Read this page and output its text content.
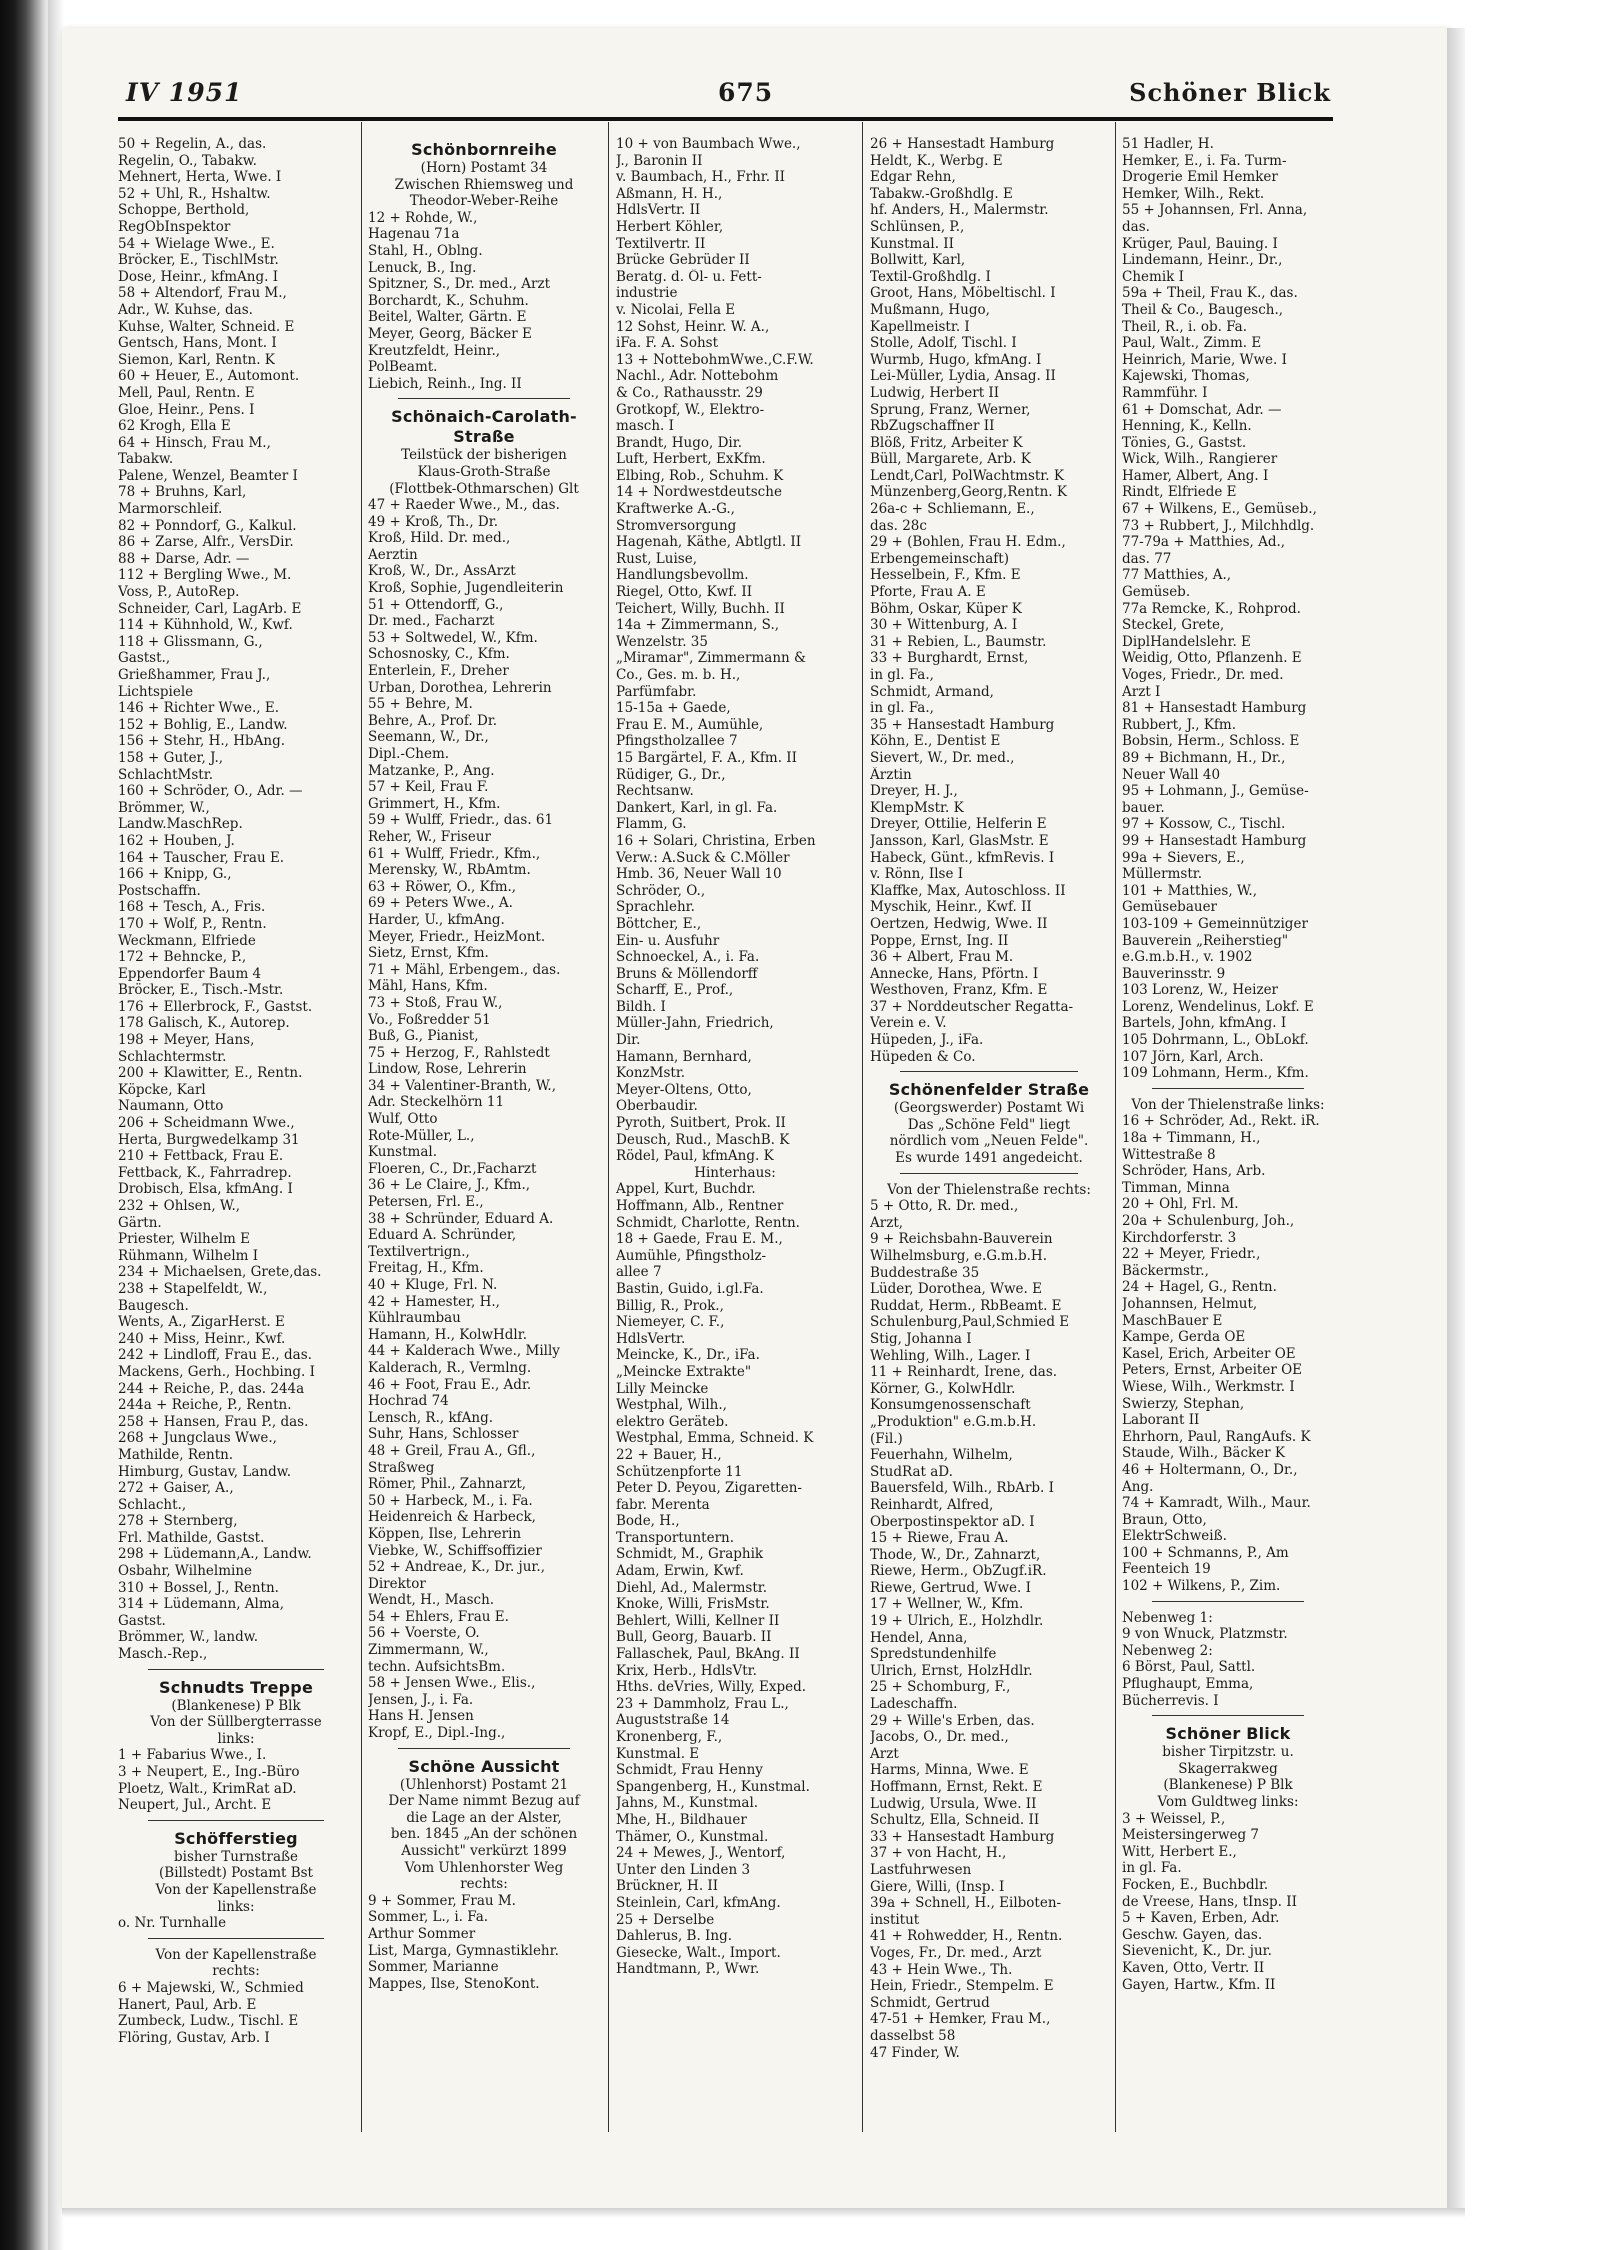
IV 1951	675	Schöner Blick
50 + Regelin, A., das.
Regelin, O., Tabakw.
Mehnert, Herta, Wwe. I
52 + Uhl, R., Hshaltw.
Schoppe, Berthold,
RegObInspektor
54 + Wielage Wwe., E.
Bröcker, E., TischlMstr.
Dose, Heinr., kfmAng. I
58 + Altendorf, Frau M.,
Adr., W. Kuhse, das.
Kuhse, Walter, Schneid. E
Gentsch, Hans, Mont. I
Siemon, Karl, Rentn. K
60 + Heuer, E., Automont.
Mell, Paul, Rentn. E
Gloe, Heinr., Pens. I
62 Krogh, Ella E
64 + Hinsch, Frau M.,
Tabakw.
Palene, Wenzel, Beamter I
78 + Bruhns, Karl,
Marmorschleif.
82 + Ponndorf, G., Kalkul.
86 + Zarse, Alfr., VersDir.
88 + Darse, Adr. —
112 + Bergling Wwe., M.
Voss, P., AutoRep.
Schneider, Carl, LagArb. E
114 + Kühnhold, W., Kwf.
118 + Glissmann, G.,
Gastst.,
Grießhammer, Frau J.,
Lichtspiele
146 + Richter Wwe., E.
152 + Bohlig, E., Landw.
156 + Stehr, H., HbAng.
158 + Guter, J.,
SchlachtMstr.
160 + Schröder, O., Adr. —
Brömmer, W.,
Landw.MaschRep.
162 + Houben, J.
164 + Tauscher, Frau E.
166 + Knipp, G.,
Postschaffn.
168 + Tesch, A., Fris.
170 + Wolf, P., Rentn.
Weckmann, Elfriede
172 + Behncke, P.,
Eppendorfer Baum 4
Bröcker, E., Tisch.-Mstr.
176 + Ellerbrock, F., Gastst.
178 Galisch, K., Autorep.
198 + Meyer, Hans,
Schlachtermstr.
200 + Klawitter, E., Rentn.
Köpcke, Karl
Naumann, Otto
206 + Scheidmann Wwe.,
Herta, Burgwedelkamp 31
210 + Fettback, Frau E.
Fettback, K., Fahrradrep.
Drobisch, Elsa, kfmAng. I
232 + Ohlsen, W.,
Gärtn.
Priester, Wilhelm E
Rühmann, Wilhelm I
234 + Michaelsen, Grete,das.
238 + Stapelfeldt, W.,
Baugesch.
Wents, A., ZigarHerst. E
240 + Miss, Heinr., Kwf.
242 + Lindloff, Frau E., das.
Mackens, Gerh., Hochbing. I
244 + Reiche, P., das. 244a
244a + Reiche, P., Rentn.
258 + Hansen, Frau P., das.
268 + Jungclaus Wwe.,
Mathilde, Rentn.
Himburg, Gustav, Landw.
272 + Gaiser, A.,
Schlacht.,
278 + Sternberg,
Frl. Mathilde, Gastst.
298 + Lüdemann,A., Landw.
Osbahr, Wilhelmine
310 + Bossel, J., Rentn.
314 + Lüdemann, Alma,
Gastst.
Brömmer, W., landw.
Masch.-Rep.,
Schnudts Treppe
(Blankenese) P Blk
Von der Süllbergterrasse
links:
1 + Fabarius Wwe., I.
3 + Neupert, E., Ing.-Büro
Ploetz, Walt., KrimRat aD.
Neupert, Jul., Archt. E
Schöfferstieg
bisher Turnstraße
(Billstedt) Postamt Bst
Von der Kapellenstraße
links:
o. Nr. Turnhalle
Von der Kapellenstraße
rechts:
6 + Majewski, W., Schmied
Hanert, Paul, Arb. E
Zumbeck, Ludw., Tischl. E
Flöring, Gustav, Arb. I
Schönbornreihe
(Horn) Postamt 34
Zwischen Rhiemsweg und
Theodor-Weber-Reihe
12 + Rohde, W.,
Hagenau 71a
Stahl, H., Oblng.
Lenuck, B., Ing.
Spitzner, S., Dr. med., Arzt
Borchardt, K., Schuhm.
Beitel, Walter, Gärtn. E
Meyer, Georg, Bäcker E
Kreutzfeldt, Heinr.,
PolBeamt.
Liebich, Reinh., Ing. II
Schönaich-Carolath-Straße
Teilstück der bisherigen
Klaus-Groth-Straße
(Flottbek-Othmarschen) Glt
47 + Raeder Wwe., M., das.
49 + Kroß, Th., Dr.
Kroß, Hild. Dr. med.,
Aerztin
Kroß, W., Dr., AssArzt
Kroß, Sophie, Jugendleiterin
51 + Ottendorff, G.,
Dr. med., Facharzt
53 + Soltwedel, W., Kfm.
Schosnosky, C., Kfm.
Enterlein, F., Dreher
Urban, Dorothea, Lehrerin
55 + Behre, M.
Behre, A., Prof. Dr.
Seemann, W., Dr.,
Dipl.-Chem.
Matzanke, P., Ang.
57 + Keil, Frau F.
Grimmert, H., Kfm.
59 + Wulff, Friedr., das. 61
Reher, W., Friseur
61 + Wulff, Friedr., Kfm.,
Merensky, W., RbAmtm.
63 + Röwer, O., Kfm.,
69 + Peters Wwe., A.
Harder, U., kfmAng.
Meyer, Friedr., HeizMont.
Sietz, Ernst, Kfm.
71 + Mähl, Erbengem., das.
Mähl, Hans, Kfm.
73 + Stoß, Frau W.,
Vo., Foßredder 51
Buß, G., Pianist,
75 + Herzog, F., Rahlstedt
Lindow, Rose, Lehrerin
34 + Valentiner-Branth, W.,
Adr. Steckelhörn 11
Wulf, Otto
Rote-Müller, L.,
Kunstmal.
Floeren, C., Dr.,Facharzt
36 + Le Claire, J., Kfm.,
Petersen, Frl. E.,
38 + Schründer, Eduard A.
Eduard A. Schründer,
Textilvertrign.,
Freitag, H., Kfm.
40 + Kluge, Frl. N.
42 + Hamester, H.,
Kühlraumbau
Hamann, H., KolwHdlr.
44 + Kalderach Wwe., Milly
Kalderach, R., Vermlng.
46 + Foot, Frau E., Adr.
Hochrad 74
Lensch, R., kfAng.
Suhr, Hans, Schlosser
48 + Greil, Frau A., Gfl.,
Straßweg
Römer, Phil., Zahnarzt,
50 + Harbeck, M., i. Fa.
Heidenreich & Harbeck,
Köppen, Ilse, Lehrerin
Viebke, W., Schiffsoffizier
52 + Andreae, K., Dr. jur.,
Direktor
Wendt, H., Masch.
54 + Ehlers, Frau E.
56 + Voerste, O.
Zimmermann, W.,
techn. AufsichtsBm.
58 + Jensen Wwe., Elis.,
Jensen, J., i. Fa.
Hans H. Jensen
Kropf, E., Dipl.-Ing.,
Schöne Aussicht
(Uhlenhorst) Postamt 21
Der Name nimmt Bezug auf
die Lage an der Alster,
ben. 1845 „An der schönen
Aussicht" verkürzt 1899
Vom Uhlenhorster Weg
rechts:
9 + Sommer, Frau M.
Sommer, L., i. Fa.
Arthur Sommer
List, Marga, Gymnastiklehr.
Sommer, Marianne
Mappes, Ilse, StenoKont.
10 + von Baumbach Wwe.,
J., Baronin II
v. Baumbach, H., Frhr. II
Aßmann, H. H.,
HdlsVertr. II
Herbert Köhler,
Textilvertr. II
Brücke Gebrüder II
Beratg. d. Öl- u. Fett-
industrie
v. Nicolai, Fella E
12 Sohst, Heinr. W. A.,
iFa. F. A. Sohst
13 + NottebohmWwe.,C.F.W.
Nachl., Adr. Nottebohm
& Co., Rathausstr. 29
Grotkopf, W., Elektro-
masch. I
Brandt, Hugo, Dir.
Luft, Herbert, ExKfm.
Elbing, Rob., Schuhm. K
14 + Nordwestdeutsche
Kraftwerke A.-G.,
Stromversorgung
Hagenah, Käthe, Abtlgtl. II
Rust, Luise,
Handlungsbevollm.
Riegel, Otto, Kwf. II
Teichert, Willy, Buchh. II
14a + Zimmermann, S.,
Wenzelstr. 35
„Miramar", Zimmermann &
Co., Ges. m. b. H.,
Parfümfabr.
15-15a + Gaede,
Frau E. M., Aumühle,
Pfingstholzallee 7
15 Bargärtel, F. A., Kfm. II
Rüdiger, G., Dr.,
Rechtsanw.
Dankert, Karl, in gl. Fa.
Flamm, G.
16 + Solari, Christina, Erben
Verw.: A.Suck & C.Möller
Hmb. 36, Neuer Wall 10
Schröder, O.,
Sprachlehr.
Böttcher, E.,
Ein- u. Ausfuhr
Schnoeckel, A., i. Fa.
Bruns & Möllendorff
Scharff, E., Prof.,
Bildh. I
Müller-Jahn, Friedrich,
Dir.
Hamann, Bernhard,
KonzMstr.
Meyer-Oltens, Otto,
Oberbaudir.
Pyroth, Suitbert, Prok. II
Deusch, Rud., MaschB. K
Rödel, Paul, kfmAng. K
Hinterhaus:
Appel, Kurt, Buchdr.
Hoffmann, Alb., Rentner
Schmidt, Charlotte, Rentn.
18 + Gaede, Frau E. M.,
Aumühle, Pfingstholz-
allee 7
Bastin, Guido, i.gl.Fa.
Billig, R., Prok.,
Niemeyer, C. F.,
HdlsVertr.
Meincke, K., Dr., iFa.
„Meincke Extrakte"
Lilly Meincke
Westphal, Wilh.,
elektro Geräteb.
Westphal, Emma, Schneid. K
22 + Bauer, H.,
Schützenpforte 11
Peter D. Peyou, Zigaretten-
fabr. Merenta
Bode, H.,
Transportuntern.
Schmidt, M., Graphik
Adam, Erwin, Kwf.
Diehl, Ad., Malermstr.
Knoke, Willi, FrisMstr.
Behlert, Willi, Kellner II
Bull, Georg, Bauarb. II
Fallaschek, Paul, BkAng. II
Krix, Herb., HdlsVtr.
Hths. deVries, Willy, Exped.
23 + Dammholz, Frau L.,
Auguststraße 14
Kronenberg, F.,
Kunstmal. E
Schmidt, Frau Henny
Spangenberg, H., Kunstmal.
Jahns, M., Kunstmal.
Mhe, H., Bildhauer
Thämer, O., Kunstmal.
24 + Mewes, J., Wentorf,
Unter den Linden 3
Brückner, H. II
Steinlein, Carl, kfmAng.
25 + Derselbe
Dahlerus, B. Ing.
Giesecke, Walt., Import.
Handtmann, P., Wwr.
26 + Hansestadt Hamburg
Heldt, K., Werbg. E
Edgar Rehn,
Tabakw.-Großhdlg. E
hf. Anders, H., Malermstr.
Schlünsen, P.,
Kunstmal. II
Bollwitt, Karl,
Textil-Großhdlg. I
Groot, Hans, Möbeltischl. I
Mußmann, Hugo,
Kapellmeistr. I
Stolle, Adolf, Tischl. I
Wurmb, Hugo, kfmAng. I
Lei-Müller, Lydia, Ansag. II
Ludwig, Herbert II
Sprung, Franz, Werner,
RbZugschaffner II
Blöß, Fritz, Arbeiter K
Büll, Margarete, Arb. K
Lendt,Carl, PolWachtmstr. K
Münzenberg,Georg,Rentn. K
26a-c + Schliemann, E.,
das. 28c
29 + (Bohlen, Frau H. Edm.,
Erbengemeinschaft)
Hesselbein, F., Kfm. E
Pforte, Frau A. E
Böhm, Oskar, Küper K
30 + Wittenburg, A. I
31 + Rebien, L., Baumstr.
33 + Burghardt, Ernst,
in gl. Fa.,
Schmidt, Armand,
in gl. Fa.,
35 + Hansestadt Hamburg
Köhn, E., Dentist E
Sievert, W., Dr. med.,
Ärztin
Dreyer, H. J.,
KlempMstr. K
Dreyer, Ottilie, Helferin E
Jansson, Karl, GlasMstr. E
Habeck, Günt., kfmRevis. I
v. Rönn, Ilse I
Klaffke, Max, Autoschloss. II
Myschik, Heinr., Kwf. II
Oertzen, Hedwig, Wwe. II
Poppe, Ernst, Ing. II
36 + Albert, Frau M.
Annecke, Hans, Pförtn. I
Westhoven, Franz, Kfm. E
37 + Norddeutscher Regatta-
Verein e. V.
Hüpeden, J., iFa.
Hüpeden & Co.
Schönenfelder Straße
(Georgswerder) Postamt Wi
Das „Schöne Feld" liegt
nördlich vom „Neuen Felde".
Es wurde 1491 angedeicht.
Von der Thielenstraße rechts:
5 + Otto, R. Dr. med.,
Arzt,
9 + Reichsbahn-Bauverein
Wilhelmsburg, e.G.m.b.H.
Buddestraße 35
Lüder, Dorothea, Wwe. E
Ruddat, Herm., RbBeamt. E
Schulenburg,Paul,Schmied E
Stig, Johanna I
Wehling, Wilh., Lager. I
11 + Reinhardt, Irene, das.
Körner, G., KolwHdlr.
Konsumgenossenschaft
„Produktion" e.G.m.b.H.
(Fil.)
Feuerhahn, Wilhelm,
StudRat aD.
Bauersfeld, Wilh., RbArb. I
Reinhardt, Alfred,
Oberpostinspektor aD. I
15 + Riewe, Frau A.
Thode, W., Dr., Zahnarzt,
Riewe, Herm., ObZugf.iR.
Riewe, Gertrud, Wwe. I
17 + Wellner, W., Kfm.
19 + Ulrich, E., Holzhdlr.
Hendel, Anna,
Spredstundenhilfe
Ulrich, Ernst, HolzHdlr.
25 + Schomburg, F.,
Ladeschaffn.
29 + Wille's Erben, das.
Jacobs, O., Dr. med.,
Arzt
Harms, Minna, Wwe. E
Hoffmann, Ernst, Rekt. E
Ludwig, Ursula, Wwe. II
Schultz, Ella, Schneid. II
33 + Hansestadt Hamburg
37 + von Hacht, H.,
Lastfuhrwesen
Giere, Willi, (Insp. I
39a + Schnell, H., Eilboten-
institut
41 + Rohwedder, H., Rentn.
Voges, Fr., Dr. med., Arzt
43 + Hein Wwe., Th.
Hein, Friedr., Stempelm. E
Schmidt, Gertrud
47-51 + Hemker, Frau M.,
dasselbst 58
47 Finder, W.
51 Hadler, H.
Hemker, E., i. Fa. Turm-
Drogerie Emil Hemker
Hemker, Wilh., Rekt.
55 + Johannsen, Frl. Anna,
das.
Krüger, Paul, Bauing. I
Lindemann, Heinr., Dr.,
Chemik I
59a + Theil, Frau K., das.
Theil & Co., Baugesch.,
Theil, R., i. ob. Fa.
Paul, Walt., Zimm. E
Heinrich, Marie, Wwe. I
Kajewski, Thomas,
Rammführ. I
61 + Domschat, Adr. —
Henning, K., Kelln.
Tönies, G., Gastst.
Wick, Wilh., Rangierer
Hamer, Albert, Ang. I
Rindt, Elfriede E
67 + Wilkens, E., Gemüseb.,
73 + Rubbert, J., Milchhdlg.
77-79a + Matthies, Ad.,
das. 77
77 Matthies, A.,
Gemüseb.
77a Remcke, K., Rohprod.
Steckel, Grete,
DiplHandelslehr. E
Weidig, Otto, Pflanzenh. E
Voges, Friedr., Dr. med.
Arzt I
81 + Hansestadt Hamburg
Rubbert, J., Kfm.
Bobsin, Herm., Schloss. E
89 + Bichmann, H., Dr.,
Neuer Wall 40
95 + Lohmann, J., Gemüse-
bauer.
97 + Kossow, C., Tischl.
99 + Hansestadt Hamburg
99a + Sievers, E.,
Müllermstr.
101 + Matthies, W.,
Gemüsebauer
103-109 + Gemeinnütziger
Bauverein „Reiherstieg"
e.G.m.b.H., v. 1902
Bauverinsstr. 9
103 Lorenz, W., Heizer
Lorenz, Wendelinus, Lokf. E
Bartels, John, kfmAng. I
105 Dohrmann, L., ObLokf.
107 Jörn, Karl, Arch.
109 Lohmann, Herm., Kfm.
Von der Thielenstraße links:
16 + Schröder, Ad., Rekt. iR.
18a + Timmann, H.,
Wittestraße 8
Schröder, Hans, Arb.
Timman, Minna
20 + Ohl, Frl. M.
20a + Schulenburg, Joh.,
Kirchdorferstr. 3
22 + Meyer, Friedr.,
Bäckermstr.,
24 + Hagel, G., Rentn.
Johannsen, Helmut,
MaschBauer E
Kampe, Gerda OE
Kasel, Erich, Arbeiter OE
Peters, Ernst, Arbeiter OE
Wiese, Wilh., Werkmstr. I
Swierzy, Stephan,
Laborant II
Ehrhorn, Paul, RangAufs. K
Staude, Wilh., Bäcker K
46 + Holtermann, O., Dr.,
Ang.
74 + Kamradt, Wilh., Maur.
Braun, Otto,
ElektrSchweiß.
100 + Schmanns, P., Am
Feenteich 19
102 + Wilkens, P., Zim.
Nebenweg 1:
9 von Wnuck, Platzmstr.
Nebenweg 2:
6 Börst, Paul, Sattl.
Pflughaupt, Emma,
Bücherrevis. I
Schöner Blick
bisher Tirpitzstr. u.
Skagerrakweg
(Blankenese) P Blk
Vom Guldtweg links:
3 + Weissel, P.,
Meistersingerweg 7
Witt, Herbert E.,
in gl. Fa.
Focken, E., Buchbdlr.
de Vreese, Hans, tInsp. II
5 + Kaven, Erben, Adr.
Geschw. Gayen, das.
Sievenicht, K., Dr. jur.
Kaven, Otto, Vertr. II
Gayen, Hartw., Kfm. II
